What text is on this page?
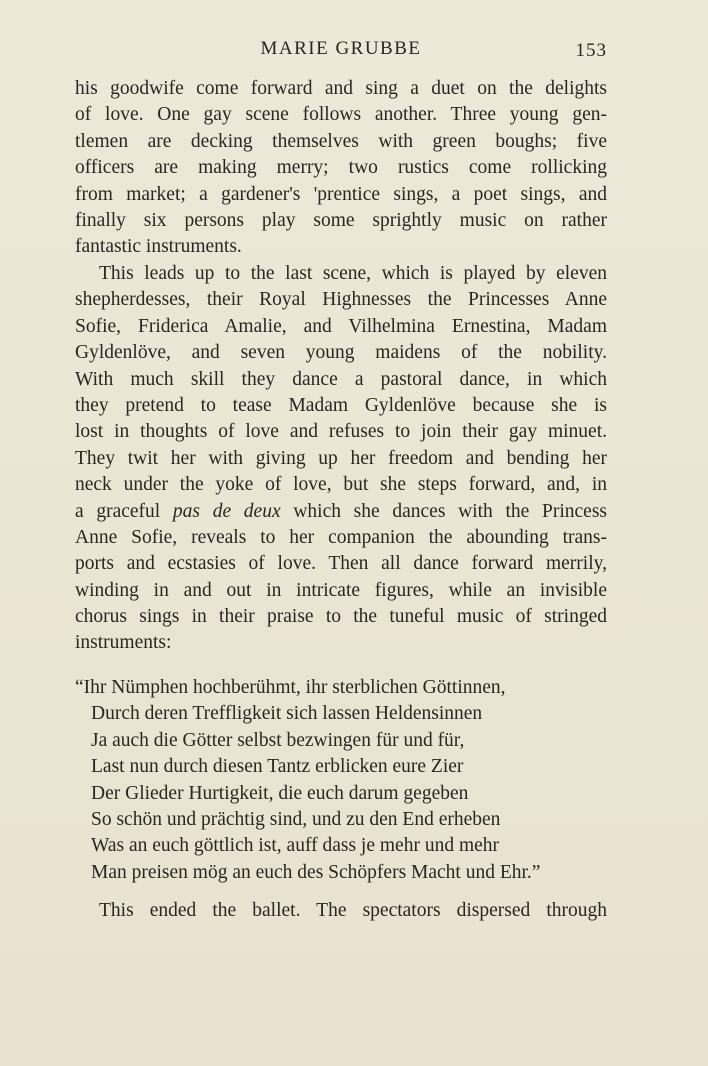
MARIE GRUBBE	153
his goodwife come forward and sing a duet on the delights
of love. One gay scene follows another. Three young gen-
tlemen are decking themselves with green boughs; five
officers are making merry; two rustics come rollicking
from market; a gardener's 'prentice sings, a poet sings, and
finally six persons play some sprightly music on rather
fantastic instruments.
This leads up to the last scene, which is played by eleven
shepherdesses, their Royal Highnesses the Princesses Anne
Sofie, Friderica Amalie, and Vilhelmina Ernestina, Madam
Gyldenlöve, and seven young maidens of the nobility.
With much skill they dance a pastoral dance, in which
they pretend to tease Madam Gyldenlöve because she is
lost in thoughts of love and refuses to join their gay minuet.
They twit her with giving up her freedom and bending her
neck under the yoke of love, but she steps forward, and, in
a graceful pas de deux which she dances with the Princess
Anne Sofie, reveals to her companion the abounding trans-
ports and ecstasies of love. Then all dance forward merrily,
winding in and out in intricate figures, while an invisible
chorus sings in their praise to the tuneful music of stringed
instruments:
“Ihr Nümphen hochberühmt, ihr sterblichen Göttinnen,
Durch deren Treffligkeit sich lassen Heldensinnen
Ja auch die Götter selbst bezwingen für und für,
Last nun durch diesen Tantz erblicken eure Zier
Der Glieder Hurtigkeit, die euch darum gegeben
So schön und prächtig sind, und zu den End erheben
Was an euch göttlich ist, auff dass je mehr und mehr
Man preisen mög an euch des Schöpfers Macht und Ehr.”
This ended the ballet. The spectators dispersed through
